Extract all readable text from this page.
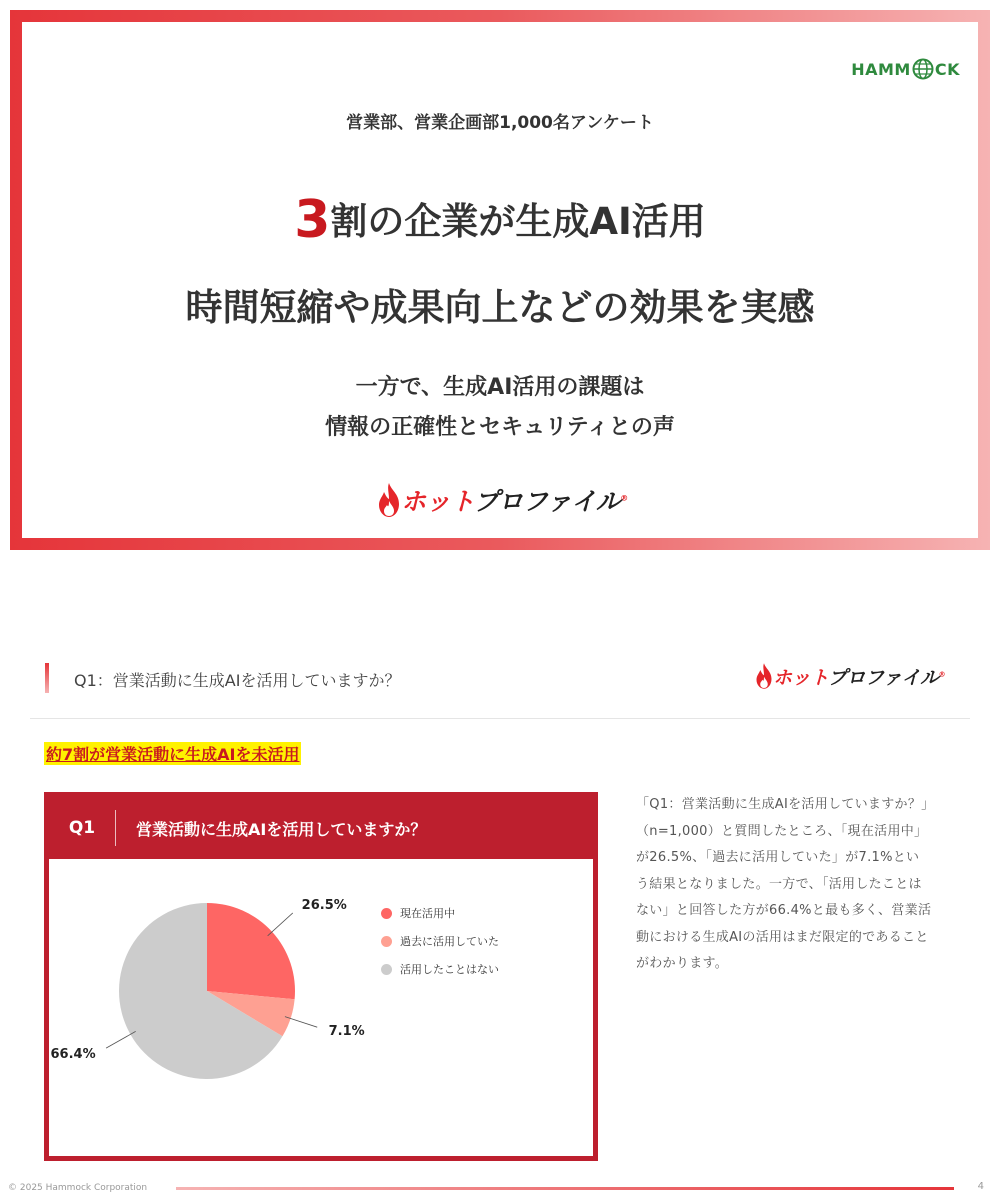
HAMM CK
営業部、営業企画部1,000名アンケート
3割の企業が生成AI活用
時間短縮や成果向上などの効果を実感
一方で、生成AI活用の課題は
情報の正確性とセキュリティとの声
ホットプロファイル®
Q1：営業活動に生成AIを活用していますか？	ホットプロファイル®
約7割が営業活動に生成AIを未活用
Q1	営業活動に生成AIを活用していますか？
26.5%
7.1%
66.4%
現在活用中
過去に活用していた
活用したことはない
「Q1：営業活動に生成AIを活用していますか？」（n=1,000）と質問したところ、「現在活用中」が26.5%、「過去に活用していた」が7.1%という結果となりました。一方で、「活用したことはない」と回答した方が66.4%と最も多く、営業活動における生成AIの活用はまだ限定的であることがわかります。
© 2025 Hammock Corporation	4
